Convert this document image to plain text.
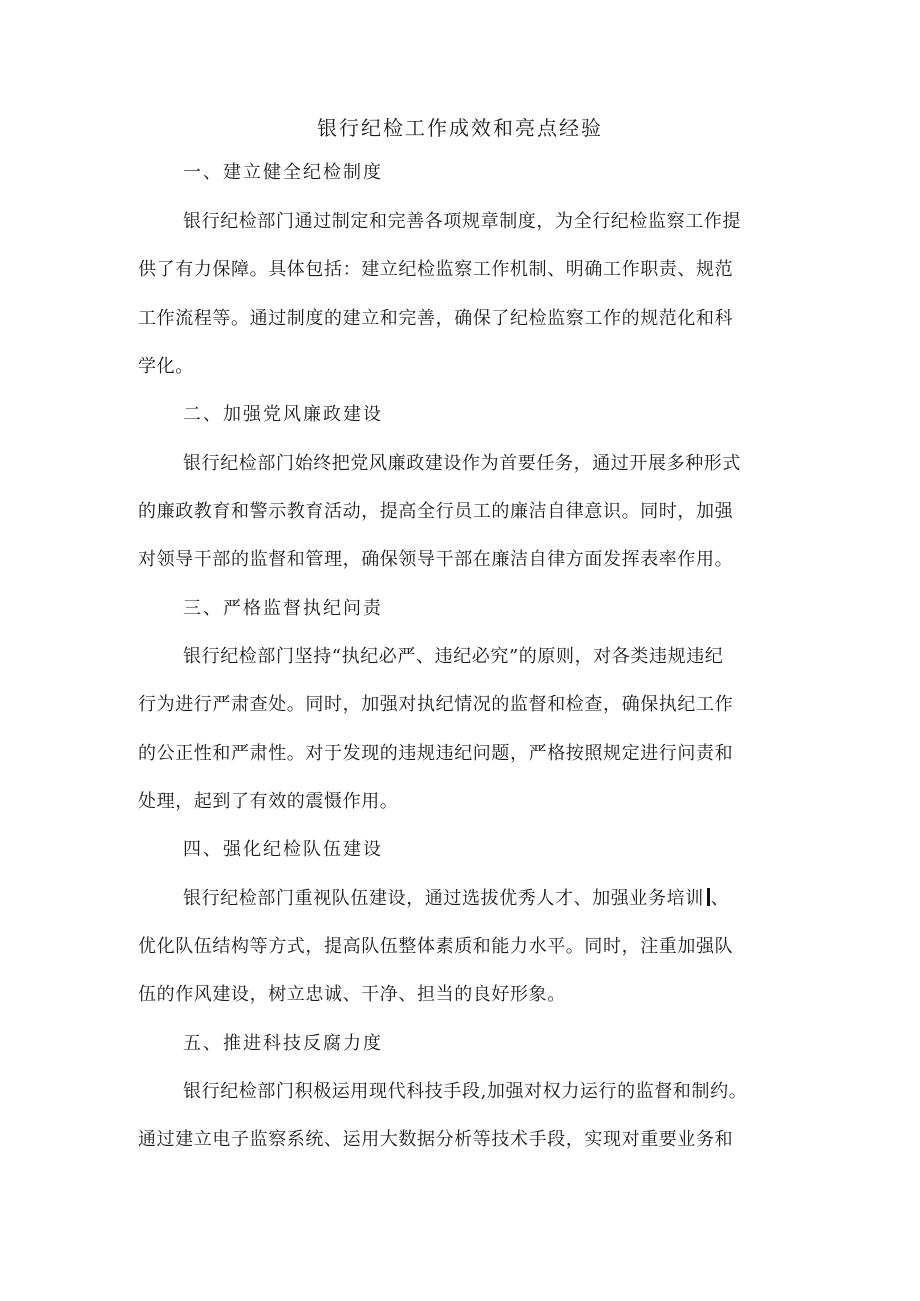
银行纪检工作成效和亮点经验
一、建立健全纪检制度
银行纪检部门通过制定和完善各项规章制度，为全行纪检监察工作提
供了有力保障。具体包括：建立纪检监察工作机制、明确工作职责、规范
工作流程等。通过制度的建立和完善，确保了纪检监察工作的规范化和科
学化。
二、加强党风廉政建设
银行纪检部门始终把党风廉政建设作为首要任务，通过开展多种形式
的廉政教育和警示教育活动，提高全行员工的廉洁自律意识。同时，加强
对领导干部的监督和管理，确保领导干部在廉洁自律方面发挥表率作用。
三、严格监督执纪问责
银行纪检部门坚持“执纪必严、违纪必究”的原则，对各类违规违纪
行为进行严肃查处。同时，加强对执纪情况的监督和检查，确保执纪工作
的公正性和严肃性。对于发现的违规违纪问题，严格按照规定进行问责和
处理，起到了有效的震慑作用。
四、强化纪检队伍建设
银行纪检部门重视队伍建设，通过选拔优秀人才、加强业务培训 、
优化队伍结构等方式，提高队伍整体素质和能力水平。同时，注重加强队
伍的作风建设，树立忠诚、干净、担当的良好形象。
五、推进科技反腐力度
银行纪检部门积极运用现代科技手段,加强对权力运行的监督和制约。
通过建立电子监察系统、运用大数据分析等技术手段，实现对重要业务和
